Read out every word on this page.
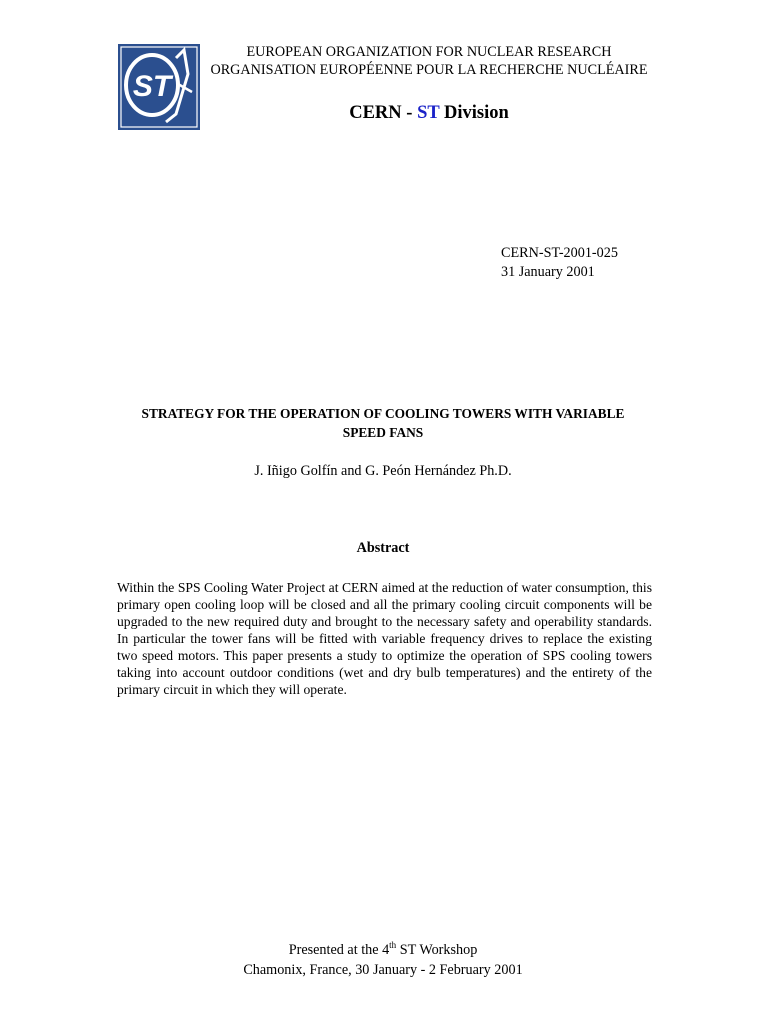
ST
EUROPEAN ORGANIZATION FOR NUCLEAR RESEARCH
ORGANISATION EUROPÉENNE POUR LA RECHERCHE NUCLÉAIRE
CERN - ST Division
CERN-ST-2001-025
31 January 2001
STRATEGY FOR THE OPERATION OF COOLING TOWERS WITH VARIABLE
SPEED FANS
J. Iñigo Golfín and G. Peón Hernández Ph.D.
Abstract
Within the SPS Cooling Water Project at CERN aimed at the reduction of water consumption, this primary open cooling loop will be closed and all the primary cooling circuit components will be upgraded to the new required duty and brought to the necessary safety and operability standards. In particular the tower fans will be fitted with variable frequency drives to replace the existing two speed motors. This paper presents a study to optimize the operation of SPS cooling towers taking into account outdoor conditions (wet and dry bulb temperatures) and the entirety of the primary circuit in which they will operate.
Presented at the 4th ST Workshop
Chamonix, France, 30 January - 2 February 2001
